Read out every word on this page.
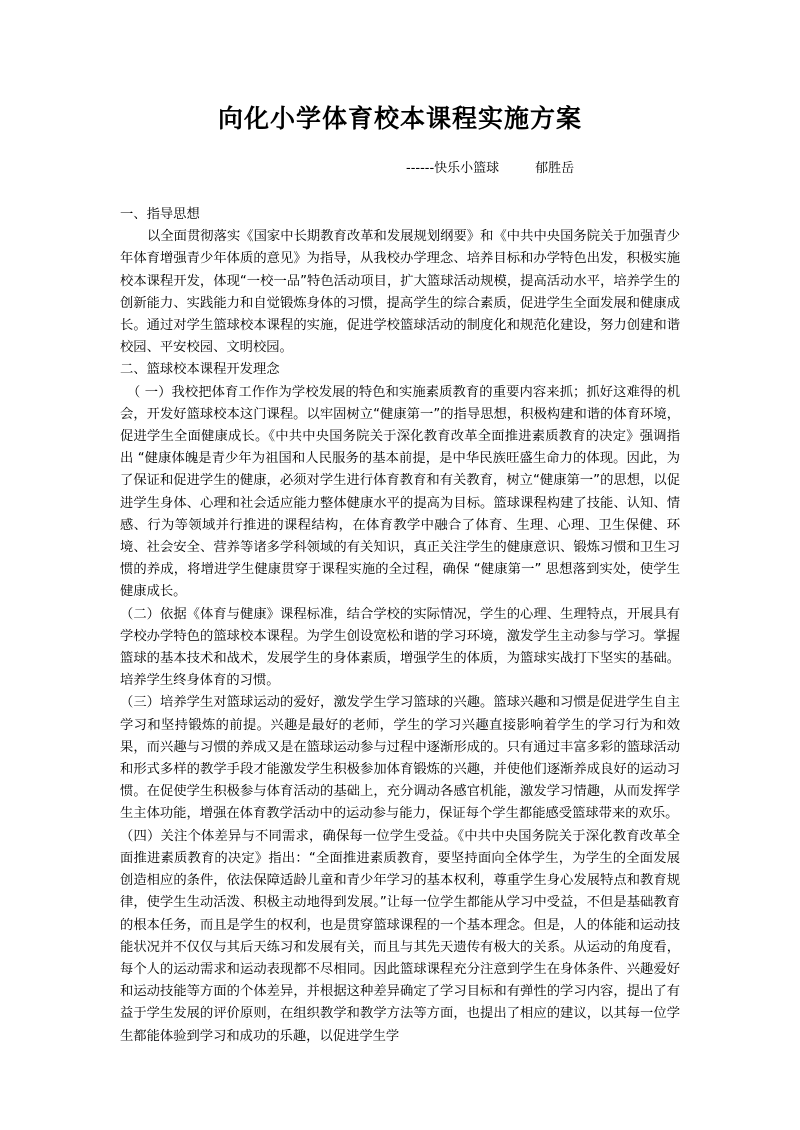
向化小学体育校本课程实施方案
------快乐小篮球	郁胜岳

一、指导思想

以全面贯彻落实《国家中长期教育改革和发展规划纲要》和《中共中央国务院关于加强青少年体育增强青少年体质的意见》为指导，从我校办学理念、培养目标和办学特色出发，积极实施校本课程开发，体现“一校一品”特色活动项目，扩大篮球活动规模，提高活动水平，培养学生的创新能力、实践能力和自觉锻炼身体的习惯，提高学生的综合素质，促进学生全面发展和健康成长。通过对学生篮球校本课程的实施，促进学校篮球活动的制度化和规范化建设，努力创建和谐校园、平安校园、文明校园。

二、篮球校本课程开发理念

（ 一）我校把体育工作作为学校发展的特色和实施素质教育的重要内容来抓；抓好这难得的机会，开发好篮球校本这门课程。以牢固树立“健康第一”的指导思想，积极构建和谐的体育环境，促进学生全面健康成长。《中共中央国务院关于深化教育改革全面推进素质教育的决定》强调指出 “健康体魄是青少年为祖国和人民服务的基本前提，是中华民族旺盛生命力的体现。因此，为了保证和促进学生的健康，必须对学生进行体育教育和有关教育，树立“健康第一”的思想，以促进学生身体、心理和社会适应能力整体健康水平的提高为目标。篮球课程构建了技能、认知、情感、行为等领域并行推进的课程结构，在体育教学中融合了体育、生理、心理、卫生保健、环境、社会安全、营养等诸多学科领域的有关知识，真正关注学生的健康意识、锻炼习惯和卫生习惯的养成，将增进学生健康贯穿于课程实施的全过程，确保 “健康第一” 思想落到实处，使学生健康成长。

（二）依据《体育与健康》课程标准，结合学校的实际情况，学生的心理、生理特点，开展具有学校办学特色的篮球校本课程。为学生创设宽松和谐的学习环境，激发学生主动参与学习。掌握篮球的基本技术和战术，发展学生的身体素质，增强学生的体质，为篮球实战打下坚实的基础。培养学生终身体育的习惯。

（三）培养学生对篮球运动的爱好，激发学生学习篮球的兴趣。篮球兴趣和习惯是促进学生自主学习和坚持锻炼的前提。兴趣是最好的老师，学生的学习兴趣直接影响着学生的学习行为和效果，而兴趣与习惯的养成又是在篮球运动参与过程中逐渐形成的。只有通过丰富多彩的篮球活动和形式多样的教学手段才能激发学生积极参加体育锻炼的兴趣，并使他们逐渐养成良好的运动习惯。在促使学生积极参与体育活动的基础上，充分调动各感官机能，激发学习情趣，从而发挥学生主体功能，增强在体育教学活动中的运动参与能力，保证每个学生都能感受篮球带来的欢乐。

（四）关注个体差异与不同需求，确保每一位学生受益。《中共中央国务院关于深化教育改革全面推进素质教育的决定》指出：“全面推进素质教育，要坚持面向全体学生，为学生的全面发展创造相应的条件，依法保障适龄儿童和青少年学习的基本权利，尊重学生身心发展特点和教育规律，使学生生动活泼、积极主动地得到发展。”让每一位学生都能从学习中受益，不但是基础教育的根本任务，而且是学生的权利，也是贯穿篮球课程的一个基本理念。但是，人的体能和运动技能状况并不仅仅与其后天练习和发展有关，而且与其先天遗传有极大的关系。从运动的角度看，每个人的运动需求和运动表现都不尽相同。因此篮球课程充分注意到学生在身体条件、兴趣爱好和运动技能等方面的个体差异，并根据这种差异确定了学习目标和有弹性的学习内容，提出了有益于学生发展的评价原则，在组织教学和教学方法等方面，也提出了相应的建议，以其每一位学生都能体验到学习和成功的乐趣，以促进学生学
